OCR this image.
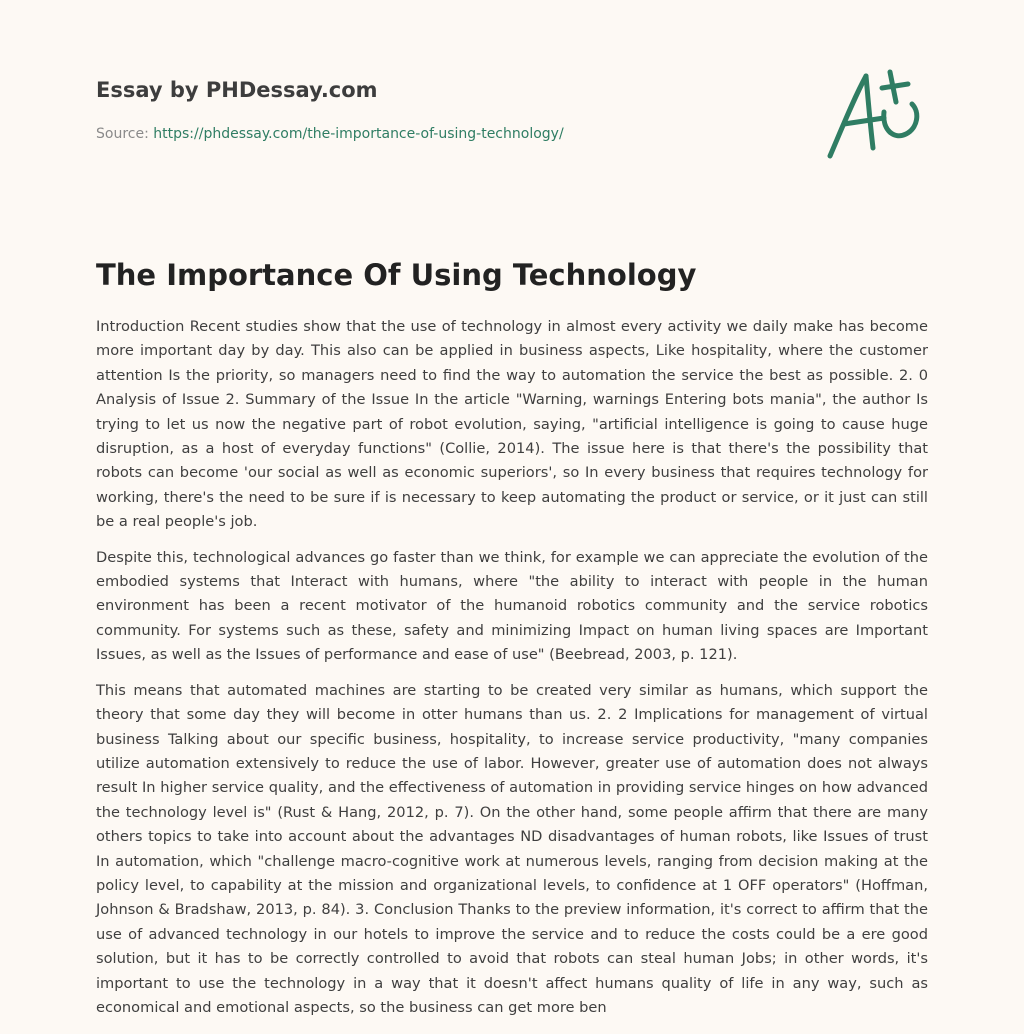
Essay by PHDessay.com
Source: https://phdessay.com/the-importance-of-using-technology/
The Importance Of Using Technology

Introduction Recent studies show that the use of technology in almost every activity we daily make has become more important day by day. This also can be applied in business aspects, Like hospitality, where the customer attention Is the priority, so managers need to find the way to automation the service the best as possible. 2. 0 Analysis of Issue 2. Summary of the Issue In the article "Warning, warnings Entering bots mania", the author Is trying to let us now the negative part of robot evolution, saying, "artificial intelligence is going to cause huge disruption, as a host of everyday functions" (Collie, 2014). The issue here is that there's the possibility that robots can become 'our social as well as economic superiors', so In every business that requires technology for working, there's the need to be sure if is necessary to keep automating the product or service, or it just can still be a real people's job.

Despite this, technological advances go faster than we think, for example we can appreciate the evolution of the embodied systems that Interact with humans, where "the ability to interact with people in the human environment has been a recent motivator of the humanoid robotics community and the service robotics community. For systems such as these, safety and minimizing Impact on human living spaces are Important Issues, as well as the Issues of performance and ease of use" (Beebread, 2003, p. 121).

This means that automated machines are starting to be created very similar as humans, which support the theory that some day they will become in otter humans than us. 2. 2 Implications for management of virtual business Talking about our specific business, hospitality, to increase service productivity, "many companies utilize automation extensively to reduce the use of labor. However, greater use of automation does not always result In higher service quality, and the effectiveness of automation in providing service hinges on how advanced the technology level is" (Rust & Hang, 2012, p. 7). On the other hand, some people affirm that there are many others topics to take into account about the advantages ND disadvantages of human robots, like Issues of trust In automation, which "challenge macro-cognitive work at numerous levels, ranging from decision making at the policy level, to capability at the mission and organizational levels, to confidence at 1 OFF operators" (Hoffman, Johnson & Bradshaw, 2013, p. 84). 3. Conclusion Thanks to the preview information, it's correct to affirm that the use of advanced technology in our hotels to improve the service and to reduce the costs could be a ere good solution, but it has to be correctly controlled to avoid that robots can steal human Jobs; in other words, it's important to use the technology in a way that it doesn't affect humans quality of life in any way, such as economical and emotional aspects, so the business can get more ben
